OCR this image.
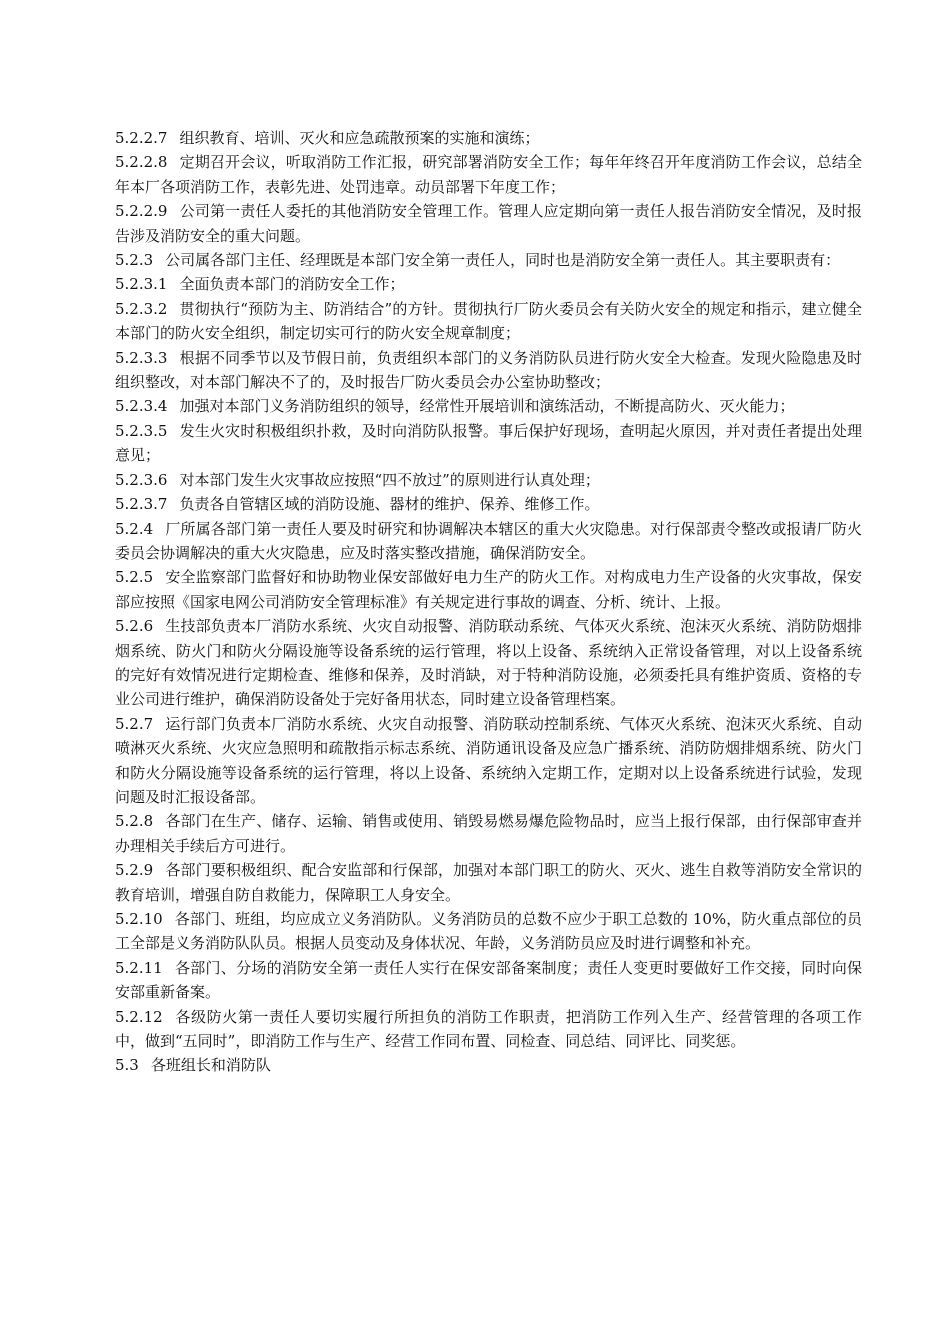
5.2.2.7 组织教育、培训、灭火和应急疏散预案的实施和演练；

5.2.2.8 定期召开会议，听取消防工作汇报，研究部署消防安全工作；每年年终召开年度消防工作会议，总结全年本厂各项消防工作，表彰先进、处罚违章。动员部署下年度工作；

5.2.2.9 公司第一责任人委托的其他消防安全管理工作。管理人应定期向第一责任人报告消防安全情况，及时报告涉及消防安全的重大问题。

5.2.3 公司属各部门主任、经理既是本部门安全第一责任人，同时也是消防安全第一责任人。其主要职责有：

5.2.3.1 全面负责本部门的消防安全工作；

5.2.3.2 贯彻执行“预防为主、防消结合”的方针。贯彻执行厂防火委员会有关防火安全的规定和指示，建立健全本部门的防火安全组织，制定切实可行的防火安全规章制度；

5.2.3.3 根据不同季节以及节假日前，负责组织本部门的义务消防队员进行防火安全大检查。发现火险隐患及时组织整改，对本部门解决不了的，及时报告厂防火委员会办公室协助整改；

5.2.3.4 加强对本部门义务消防组织的领导，经常性开展培训和演练活动，不断提高防火、灭火能力；

5.2.3.5 发生火灾时积极组织扑救，及时向消防队报警。事后保护好现场，查明起火原因，并对责任者提出处理意见；

5.2.3.6 对本部门发生火灾事故应按照“四不放过”的原则进行认真处理；

5.2.3.7 负责各自管辖区域的消防设施、器材的维护、保养、维修工作。

5.2.4 厂所属各部门第一责任人要及时研究和协调解决本辖区的重大火灾隐患。对行保部责令整改或报请厂防火委员会协调解决的重大火灾隐患，应及时落实整改措施，确保消防安全。

5.2.5 安全监察部门监督好和协助物业保安部做好电力生产的防火工作。对构成电力生产设备的火灾事故，保安部应按照《国家电网公司消防安全管理标准》有关规定进行事故的调查、分析、统计、上报。

5.2.6 生技部负责本厂消防水系统、火灾自动报警、消防联动系统、气体灭火系统、泡沫灭火系统、消防防烟排烟系统、防火门和防火分隔设施等设备系统的运行管理，将以上设备、系统纳入正常设备管理，对以上设备系统的完好有效情况进行定期检查、维修和保养，及时消缺，对于特种消防设施，必须委托具有维护资质、资格的专业公司进行维护，确保消防设备处于完好备用状态，同时建立设备管理档案。

5.2.7 运行部门负责本厂消防水系统、火灾自动报警、消防联动控制系统、气体灭火系统、泡沫灭火系统、自动喷淋灭火系统、火灾应急照明和疏散指示标志系统、消防通讯设备及应急广播系统、消防防烟排烟系统、防火门和防火分隔设施等设备系统的运行管理，将以上设备、系统纳入定期工作，定期对以上设备系统进行试验，发现问题及时汇报设备部。

5.2.8 各部门在生产、储存、运输、销售或使用、销毁易燃易爆危险物品时，应当上报行保部，由行保部审查并办理相关手续后方可进行。

5.2.9 各部门要积极组织、配合安监部和行保部，加强对本部门职工的防火、灭火、逃生自救等消防安全常识的教育培训，增强自防自救能力，保障职工人身安全。

5.2.10 各部门、班组，均应成立义务消防队。义务消防员的总数不应少于职工总数的 10%，防火重点部位的员工全部是义务消防队队员。根据人员变动及身体状况、年龄，义务消防员应及时进行调整和补充。

5.2.11 各部门、分场的消防安全第一责任人实行在保安部备案制度；责任人变更时要做好工作交接，同时向保安部重新备案。

5.2.12 各级防火第一责任人要切实履行所担负的消防工作职责，把消防工作列入生产、经营管理的各项工作中，做到“五同时”，即消防工作与生产、经营工作同布置、同检查、同总结、同评比、同奖惩。

5.3 各班组长和消防队
